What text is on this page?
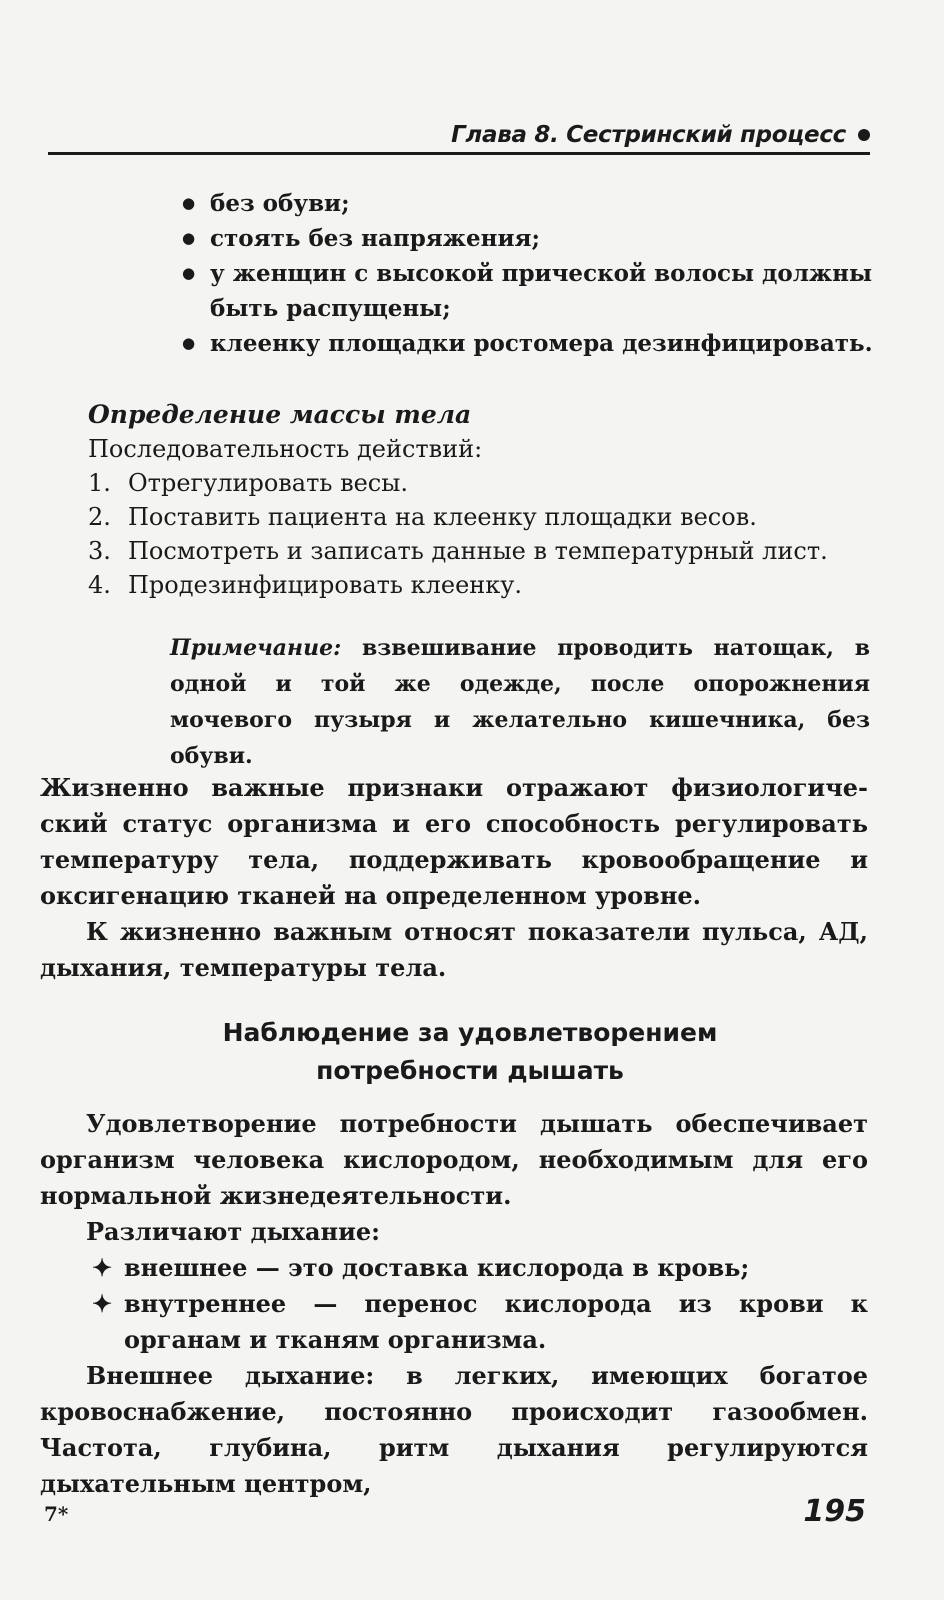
Глава 8. Сестринский процесс
● без обуви;
● стоять без напряжения;
● у женщин с высокой прической волосы должны быть распущены;
● клеенку площадки ростомера дезинфицировать.
Определение массы тела
Последовательность действий:
1. Отрегулировать весы.
2. Поставить пациента на клеенку площадки весов.
3. Посмотреть и записать данные в температурный лист.
4. Продезинфицировать клеенку.
Примечание: взвешивание проводить натощак, в одной и той же одежде, после опорожнения мочевого пузыря и желательно кишечника, без обуви.
Жизненно важные признаки отражают физиологиче-ский статус организма и его способность регулировать температуру тела, поддерживать кровообращение и оксигенацию тканей на определенном уровне.
К жизненно важным относят показатели пульса, АД, дыхания, температуры тела.
Наблюдение за удовлетворением
потребности дышать
Удовлетворение потребности дышать обеспечивает организм человека кислородом, необходимым для его нормальной жизнедеятельности.
Различают дыхание:
✦ внешнее — это доставка кислорода в кровь;
✦ внутреннее — перенос кислорода из крови к органам и тканям организма.
Внешнее дыхание: в легких, имеющих богатое кровоснабжение, постоянно происходит газообмен. Частота, глубина, ритм дыхания регулируются дыхательным центром,
7*	195
